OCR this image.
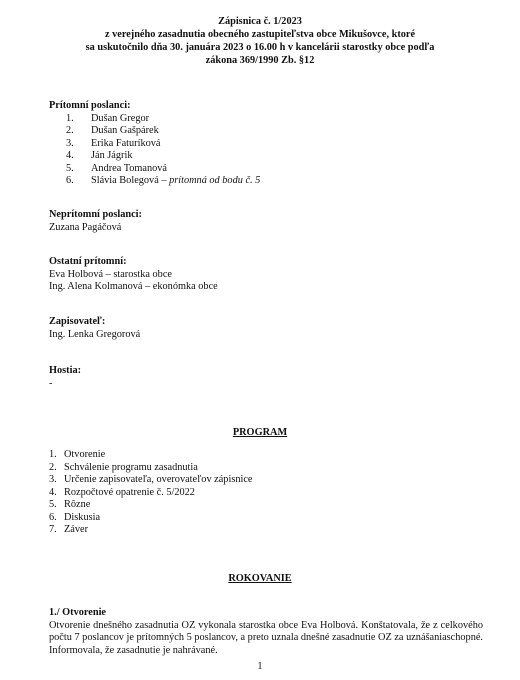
Zápisnica č. 1/2023
z verejného zasadnutia obecného zastupiteľstva obce Mikušovce, ktoré
sa uskutočnilo dňa 30. januára 2023 o 16.00 h v kancelárii starostky obce podľa
zákona 369/1990 Zb. §12
Prítomní poslanci:
1. Dušan Gregor
2. Dušan Gašpárek
3. Erika Faturíková
4. Ján Jágrik
5. Andrea Tomanová
6. Slávia Bolegová – prítomná od bodu č. 5
Neprítomní poslanci:
Zuzana Pagáčová
Ostatní prítomní:
Eva Holbová – starostka obce
Ing. Alena Kolmanová – ekonómka obce
Zapisovateľ:
Ing. Lenka Gregorová
Hostia:
-
PROGRAM
1. Otvorenie
2. Schválenie programu zasadnutia
3. Určenie zapisovateľa, overovateľov zápisnice
4. Rozpočtové opatrenie č. 5/2022
5. Rôzne
6. Diskusia
7. Záver
ROKOVANIE
1./ Otvorenie
Otvorenie dnešného zasadnutia OZ vykonala starostka obce Eva Holbová. Konštatovala, že z celkového počtu 7 poslancov je prítomných 5 poslancov, a preto uznala dnešné zasadnutie OZ za uznášaniaschopné. Informovala, že zasadnutie je nahrávané.
1
